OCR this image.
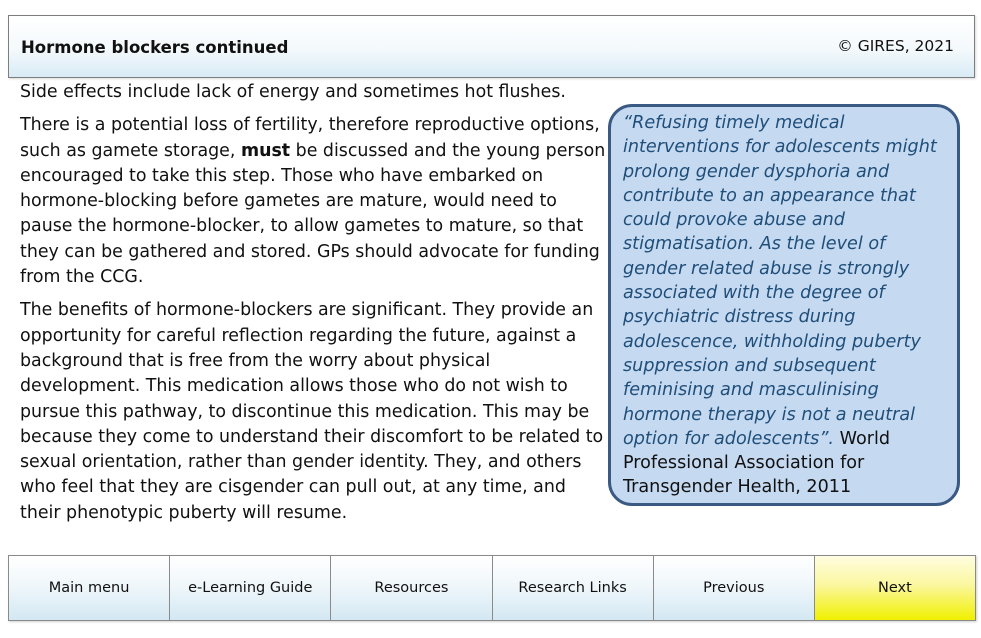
Hormone blockers continued	© GIRES, 2021

Side effects include lack of energy and sometimes hot flushes.

There is a potential loss of fertility, therefore reproductive options, such as gamete storage, must be discussed and the young person encouraged to take this step. Those who have embarked on hormone-blocking before gametes are mature, would need to pause the hormone-blocker, to allow gametes to mature, so that they can be gathered and stored. GPs should advocate for funding from the CCG.

The benefits of hormone-blockers are significant. They provide an opportunity for careful reflection regarding the future, against a background that is free from the worry about physical development. This medication allows those who do not wish to pursue this pathway, to discontinue this medication. This may be because they come to understand their discomfort to be related to sexual orientation, rather than gender identity. They, and others who feel that they are cisgender can pull out, at any time, and their phenotypic puberty will resume.

“Refusing timely medical interventions for adolescents might prolong gender dysphoria and contribute to an appearance that could provoke abuse and stigmatisation. As the level of gender related abuse is strongly associated with the degree of psychiatric distress during adolescence, withholding puberty suppression and subsequent feminising and masculinising hormone therapy is not a neutral option for adolescents”. World Professional Association for Transgender Health, 2011
Main menu	e-Learning Guide	Resources	Research Links	Previous	Next
